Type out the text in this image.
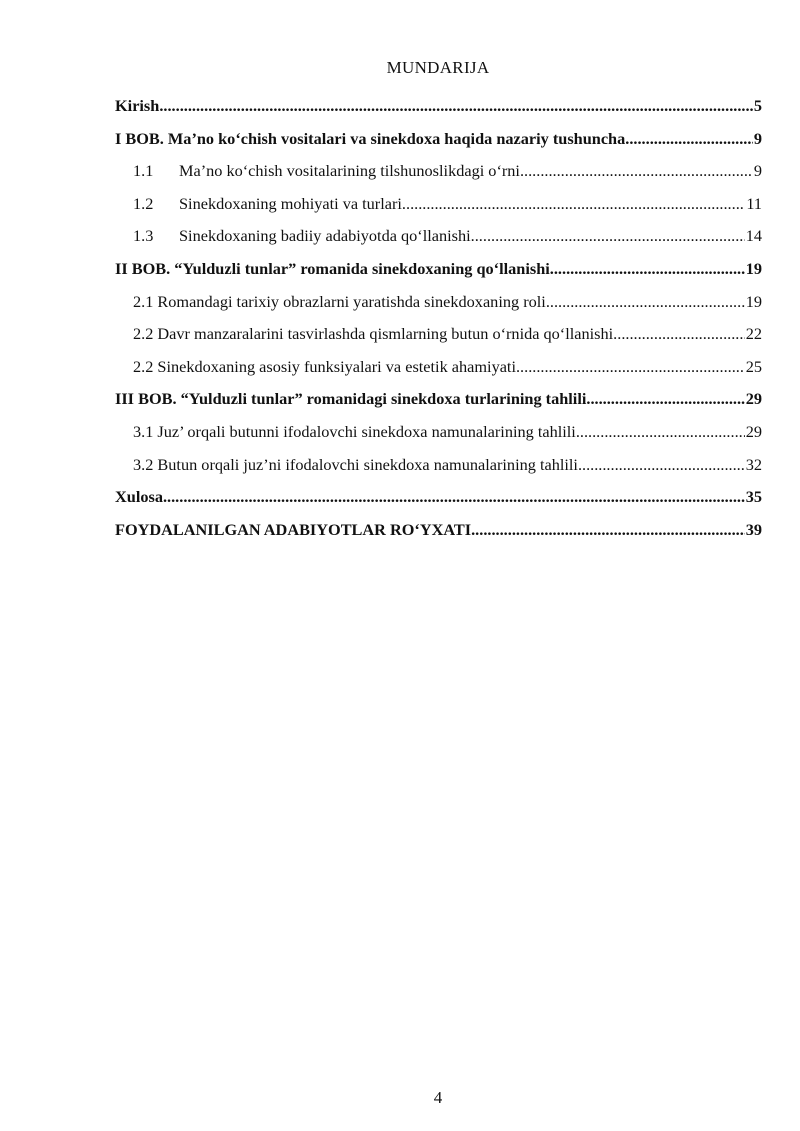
MUNDARIJA
Kirish .....	5
I BOB. Ma’no ko‘chish vositalari va sinekdoxa haqida nazariy tushuncha .....	9
1.1	Ma’no ko‘chish vositalarining tilshunoslikdagi o‘rni .....	9
1.2	Sinekdoxaning mohiyati va turlari .....	11
1.3	Sinekdoxaning badiiy adabiyotda qo‘llanishi .....	14
II BOB. “Yulduzli tunlar” romanida sinekdoxaning qo‘llanishi .....	19
2.1 Romandagi tarixiy obrazlarni yaratishda sinekdoxaning roli .....	19
2.2 Davr manzaralarini tasvirlashda qismlarning butun o‘rnida qo‘llanishi .....	22
2.2 Sinekdoxaning asosiy funksiyalari va estetik ahamiyati .....	25
III BOB. “Yulduzli tunlar” romanidagi sinekdoxa turlarining tahlili .....	29
3.1 Juz’ orqali butunni ifodalovchi sinekdoxa namunalarining tahlili .....	29
3.2 Butun orqali juz’ni ifodalovchi sinekdoxa namunalarining tahlili .....	32
Xulosa .....	35
FOYDALANILGAN ADABIYOTLAR RO‘YXATI .....	39
4
